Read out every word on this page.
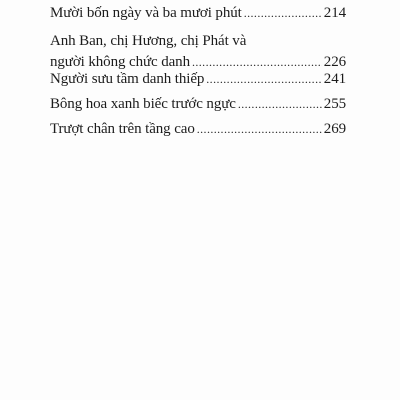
Mười bốn ngày và ba mươi phút .....	214
Anh Ban, chị Hương, chị Phát và
người không chức danh .....	226
Người sưu tầm danh thiếp .....	241
Bông hoa xanh biếc trước ngực .....	255
Trượt chân trên tầng cao .....	269
